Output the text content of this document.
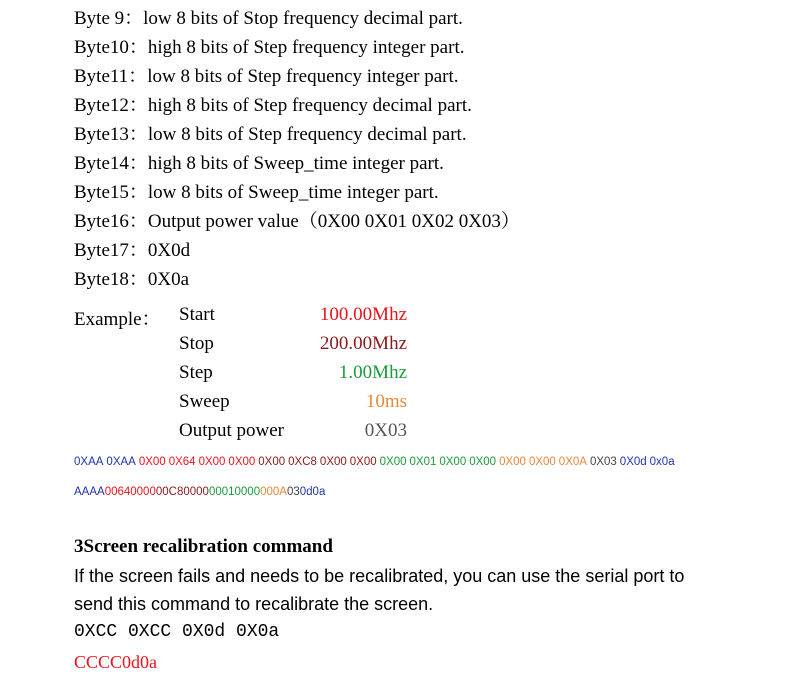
Byte 9：low 8 bits of Stop frequency decimal part.
Byte10：high 8 bits of Step frequency integer part.
Byte11：low 8 bits of Step frequency integer part.
Byte12：high 8 bits of Step frequency decimal part.
Byte13：low 8 bits of Step frequency decimal part.
Byte14：high 8 bits of Sweep_time integer part.
Byte15：low 8 bits of Sweep_time integer part.
Byte16：Output power value（0X00 0X01 0X02 0X03）
Byte17：0X0d
Byte18：0X0a
Example： Start	100.00Mhz
Stop	200.00Mhz
Step	1.00Mhz
Sweep	10ms
Output power	0X03
0XAA 0XAA 0X00 0X64 0X00 0X00 0X00 0XC8 0X00 0X00 0X00 0X01 0X00 0X00 0X00 0X00 0X0A 0X03 0X0d 0x0a
AAAA0064000000C8000000010000000A030d0a
3Screen recalibration command
If the screen fails and needs to be recalibrated, you can use the serial port to
send this command to recalibrate the screen.
0XCC 0XCC 0X0d 0X0a
CCCC0d0a
